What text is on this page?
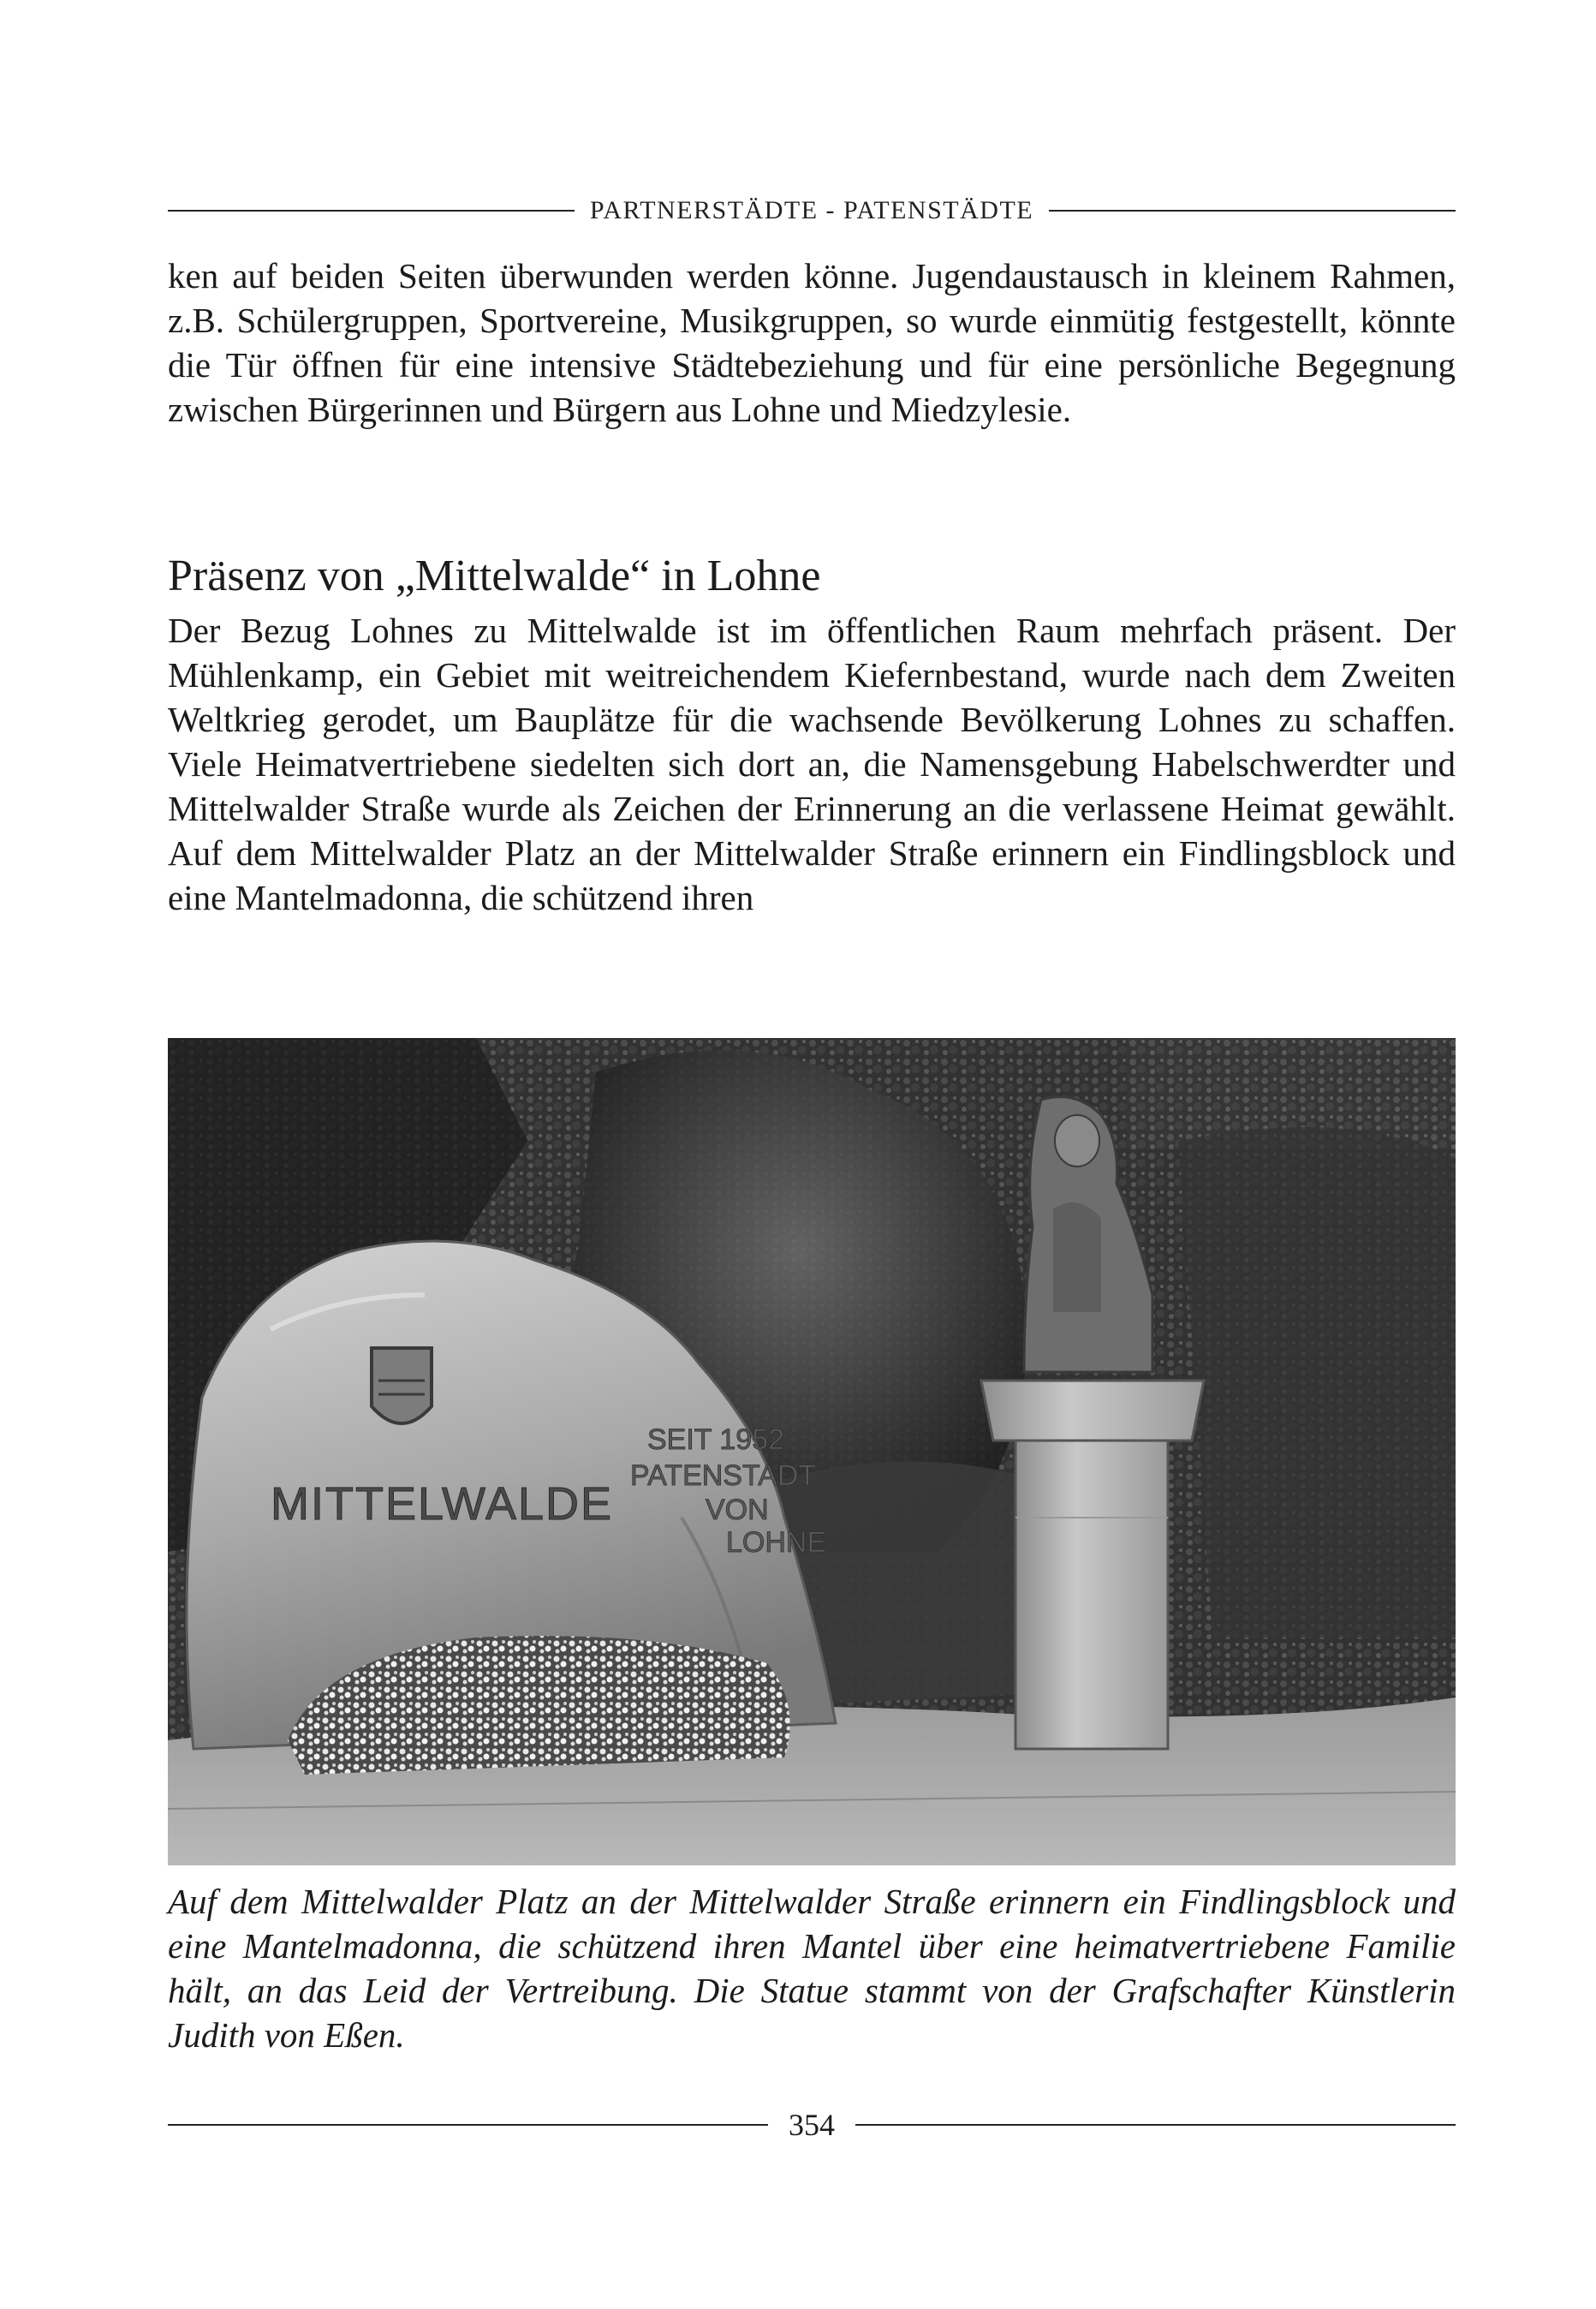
PARTNERSTÄDTE - PATENSTÄDTE

ken auf beiden Seiten überwunden werden könne. Jugendaustausch in kleinem Rahmen, z.B. Schülergruppen, Sportvereine, Musikgruppen, so wurde einmütig festgestellt, könnte die Tür öffnen für eine intensive Städtebeziehung und für eine persönliche Begegnung zwischen Bürgerinnen und Bürgern aus Lohne und Miedzylesie.

Präsenz von „Mittelwalde“ in Lohne

Der Bezug Lohnes zu Mittelwalde ist im öffentlichen Raum mehrfach präsent. Der Mühlenkamp, ein Gebiet mit weitreichendem Kiefernbestand, wurde nach dem Zweiten Weltkrieg gerodet, um Bauplätze für die wachsende Bevölkerung Lohnes zu schaffen. Viele Heimatvertriebene siedelten sich dort an, die Namensgebung Habelschwerdter und Mittelwalder Straße wurde als Zeichen der Erinnerung an die verlassene Heimat gewählt. Auf dem Mittelwalder Platz an der Mittelwalder Straße erinnern ein Findlingsblock und eine Mantelmadonna, die schützend ihren

MITTELWALDE
SEIT 1952
PATENSTADT
VON
LOHNE

Auf dem Mittelwalder Platz an der Mittelwalder Straße erinnern ein Findlingsblock und eine Mantelmadonna, die schützend ihren Mantel über eine heimatvertriebene Familie hält, an das Leid der Vertreibung. Die Statue stammt von der Grafschafter Künstlerin Judith von Eßen.

354
